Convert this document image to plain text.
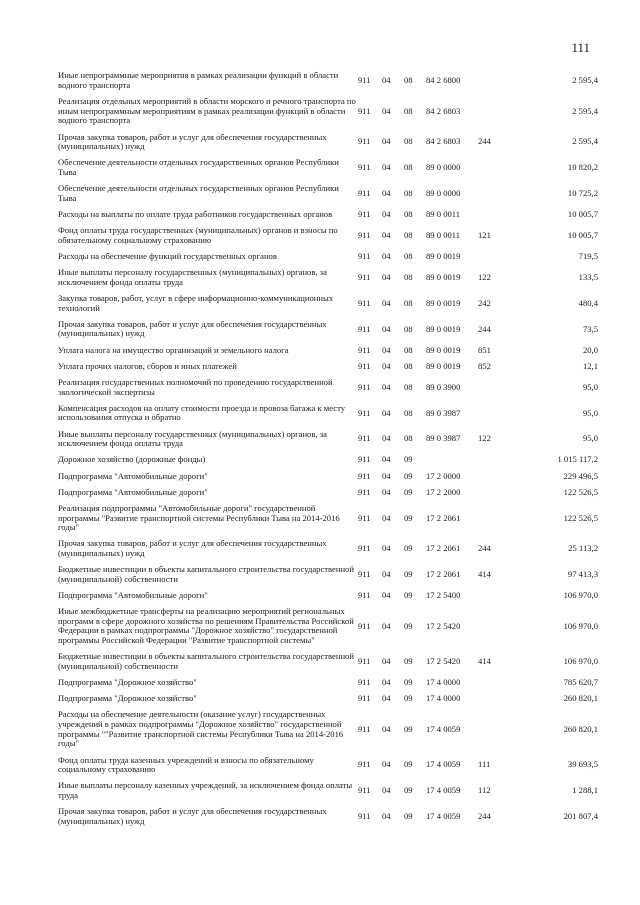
111
Иные непрограммные мероприятия в рамках реализации функций в области водного транспорта	911	04	08	84 2 6800		2 595,4
Реализация отдельных мероприятий в области морского и речного транспорта по иным непрограммным мероприятиям в рамках реализации функций в области водного транспорта	911	04	08	84 2 6803		2 595,4
Прочая закупка товаров, работ и услуг для обеспечения государственных (муниципальных) нужд	911	04	08	84 2 6803	244	2 595,4
Обеспечение деятельности отдельных государственных органов Республики Тыва	911	04	08	89 0 0000		10 820,2
Обеспечение деятельности отдельных государственных органов Республики Тыва	911	04	08	89 0 0000		10 725,2
Расходы на выплаты по оплате труда работников государственных органов	911	04	08	89 0 0011		10 005,7
Фонд оплаты труда государственных (муниципальных) органов и взносы по обязательному социальному страхованию	911	04	08	89 0 0011	121	10 005,7
Расходы на обеспечение функций государственных органов	911	04	08	89 0 0019		719,5
Иные выплаты персоналу государственных (муниципальных) органов, за исключением фонда оплаты труда	911	04	08	89 0 0019	122	133,5
Закупка товаров, работ, услуг в сфере информационно-коммуникационных технологий	911	04	08	89 0 0019	242	480,4
Прочая закупка товаров, работ и услуг для обеспечения государственных (муниципальных) нужд	911	04	08	89 0 0019	244	73,5
Уплата налога на имущество организаций и земельного налога	911	04	08	89 0 0019	851	20,0
Уплата прочих налогов, сборов и иных платежей	911	04	08	89 0 0019	852	12,1
Реализация государственных полномочий по проведению государственной экологической экспертизы	911	04	08	89 0 3900		95,0
Компенсация расходов на оплату стоимости проезда и провоза багажа к месту использования отпуска и обратно	911	04	08	89 0 3987		95,0
Иные выплаты персоналу государственных (муниципальных) органов, за исключением фонда оплаты труда	911	04	08	89 0 3987	122	95,0
Дорожное хозяйство (дорожные фонды)	911	04	09			1 015 117,2
Подпрограмма "Автомобильные дороги"	911	04	09	17 2 0000		229 496,5
Подпрограмма "Автомобильные дороги"	911	04	09	17 2 2000		122 526,5
Реализация подпрограммы "Автомобильные дороги" государственной программы "Развитие транспортной системы Республики Тыва на 2014-2016 годы"	911	04	09	17 2 2061		122 526,5
Прочая закупка товаров, работ и услуг для обеспечения государственных (муниципальных) нужд	911	04	09	17 2 2061	244	25 113,2
Бюджетные инвестиции в объекты капитального строительства государственной (муниципальной) собственности	911	04	09	17 2 2061	414	97 413,3
Подпрограмма "Автомобильные дороги"	911	04	09	17 2 5400		106 970,0
Иные межбюджетные трансферты на реализацию мероприятий региональных программ в сфере дорожного хозяйства по решениям Правительства Российской Федерации в рамках подпрограммы "Дорожное хозяйство" государственной программы Российской Федерации "Развитие транспортной системы"	911	04	09	17 2 5420		106 970,0
Бюджетные инвестиции в объекты капитального строительства государственной (муниципальной) собственности	911	04	09	17 2 5420	414	106 970,0
Подпрограмма "Дорожное хозяйство"	911	04	09	17 4 0000		785 620,7
Подпрограмма "Дорожное хозяйство"	911	04	09	17 4 0000		260 820,1
Расходы на обеспечение деятельности (оказание услуг) государственных учреждений в рамках подпрограммы "Дорожное хозяйство" государственной программы ""Развитие транспортной системы Республики Тыва на 2014-2016 годы"	911	04	09	17 4 0059		260 820,1
Фонд оплаты труда казенных учреждений и взносы по обязательному социальному страхованию	911	04	09	17 4 0059	111	39 693,5
Иные выплаты персоналу казенных учреждений, за исключением фонда оплаты труда	911	04	09	17 4 0059	112	1 288,1
Прочая закупка товаров, работ и услуг для обеспечения государственных (муниципальных) нужд	911	04	09	17 4 0059	244	201 807,4
